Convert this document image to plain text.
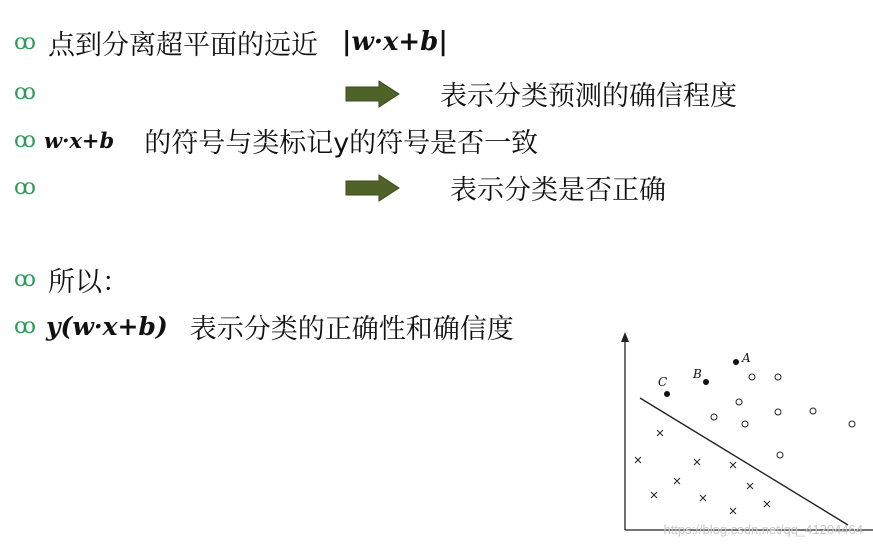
ꝏ 点到分离超平面的远近 |w·x+b|
ꝏ	表示分类预测的确信程度
ꝏ w·x+b 的符号与类标记y的符号是否一致
ꝏ	表示分类是否正确
ꝏ 所以：
ꝏ y(w·x+b) 表示分类的正确性和确信度
A
B
C
https://blog.csdn.net/qq_41204464
